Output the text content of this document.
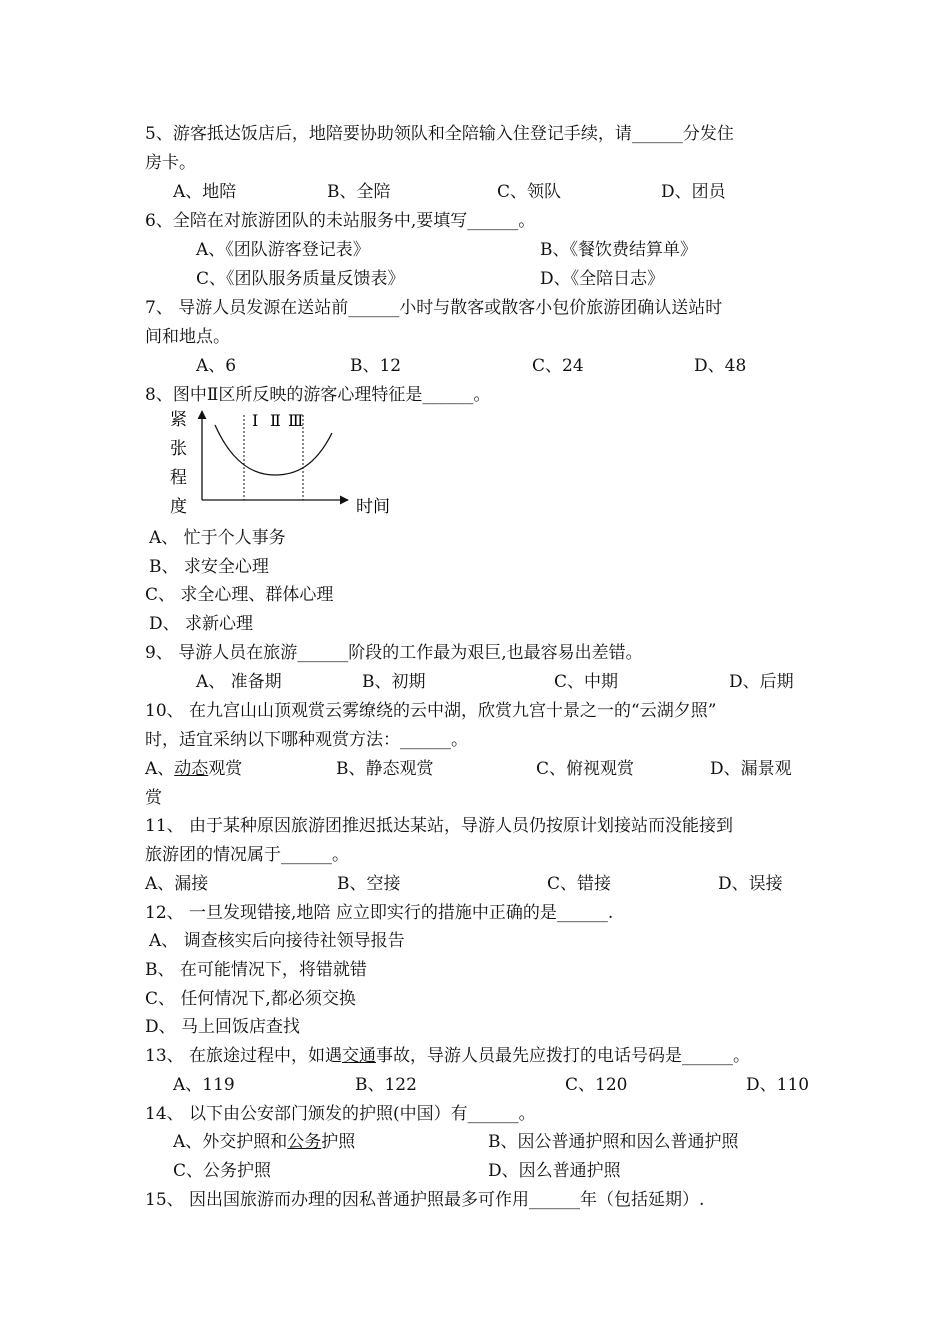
5、游客抵达饭店后，地陪要协助领队和全陪输入住登记手续，请______分发住
房卡。
A、地陪	B、全陪	C、领队	D、团员
6、全陪在对旅游团队的未站服务中,要填写______。
A、《团队游客登记表》	B、《餐饮费结算单》
C、《团队服务质量反馈表》	D、《全陪日志》
7、 导游人员发源在送站前______小时与散客或散客小包价旅游团确认送站时
间和地点。
A、6	B、12	C、24	D、48
8、图中Ⅱ区所反映的游客心理特征是______。
紧
张
程
度
Ⅰ Ⅱ Ⅲ
时间
A、 忙于个人事务
B、 求安全心理
C、 求全心理、群体心理
D、 求新心理
9、 导游人员在旅游______阶段的工作最为艰巨,也最容易出差错。
A、 准备期	B、初期	C、中期	D、后期
10、 在九宫山山顶观赏云雾缭绕的云中湖，欣赏九宫十景之一的“云湖夕照”
时，适宜采纳以下哪种观赏方法：______。
A、动态观赏	B、静态观赏	C、俯视观赏	D、漏景观
赏
11、 由于某种原因旅游团推迟抵达某站，导游人员仍按原计划接站而没能接到
旅游团的情况属于______。
A、漏接	B、空接	C、错接	D、误接
12、 一旦发现错接,地陪 应立即实行的措施中正确的是______.
A、 调查核实后向接待社领导报告
B、 在可能情况下，将错就错
C、 任何情况下,都必须交换
D、 马上回饭店查找
13、 在旅途过程中，如遇交通事故，导游人员最先应拨打的电话号码是______。
A、119	B、122	C、120	D、110
14、 以下由公安部门颁发的护照(中国）有______。
A、外交护照和公务护照	B、因公普通护照和因么普通护照
C、公务护照	D、因么普通护照
15、 因出国旅游而办理的因私普通护照最多可作用______年（包括延期）.
